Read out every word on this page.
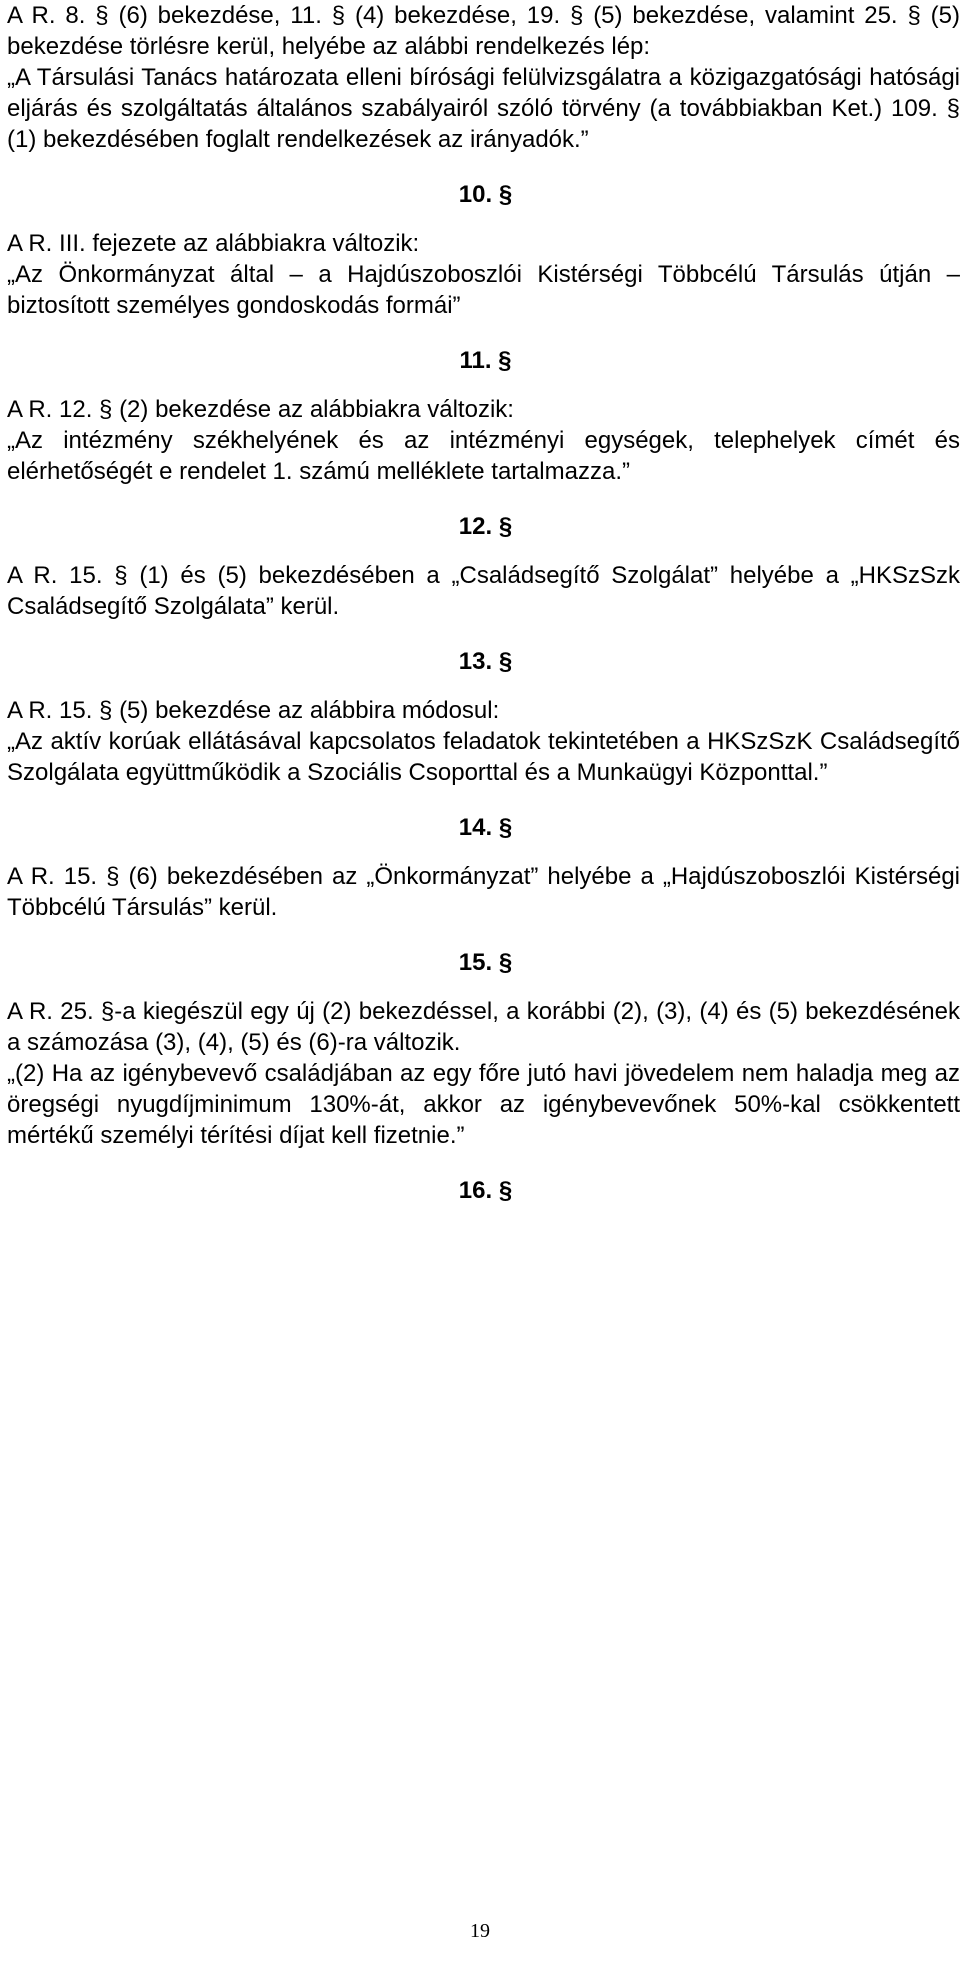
A R. 8. § (6) bekezdése, 11. § (4) bekezdése, 19. § (5) bekezdése, valamint 25. § (5) bekezdése törlésre kerül, helyébe az alábbi rendelkezés lép:

„A Társulási Tanács határozata elleni bírósági felülvizsgálatra a közigazgatósági hatósági eljárás és szolgáltatás általános szabályairól szóló törvény (a továbbiakban Ket.) 109. § (1) bekezdésében foglalt rendelkezések az irányadók.”

10. §

A R. III. fejezete az alábbiakra változik:

„Az Önkormányzat által – a Hajdúszoboszlói Kistérségi Többcélú Társulás útján – biztosított személyes gondoskodás formái”

11. §

A R. 12. § (2) bekezdése az alábbiakra változik:

„Az intézmény székhelyének és az intézményi egységek, telephelyek címét és elérhetőségét e rendelet 1. számú melléklete tartalmazza.”

12. §

A R. 15. § (1) és (5) bekezdésében a „Családsegítő Szolgálat” helyébe a „HKSzSzk Családsegítő Szolgálata” kerül.

13. §

A R. 15. § (5) bekezdése az alábbira módosul:

„Az aktív korúak ellátásával kapcsolatos feladatok tekintetében a HKSzSzK Családsegítő Szolgálata együttműködik a Szociális Csoporttal és a Munkaügyi Központtal.”

14. §

A R. 15. § (6) bekezdésében az „Önkormányzat” helyébe a „Hajdúszoboszlói Kistérségi Többcélú Társulás” kerül.

15. §

A R. 25. §-a kiegészül egy új (2) bekezdéssel, a korábbi (2), (3), (4) és (5) bekezdésének a számozása (3), (4), (5) és (6)-ra változik.

„(2) Ha az igénybevevő családjában az egy főre jutó havi jövedelem nem haladja meg az öregségi nyugdíjminimum 130%-át, akkor az igénybevevőnek 50%-kal csökkentett mértékű személyi térítési díjat kell fizetnie.”

16. §

19
